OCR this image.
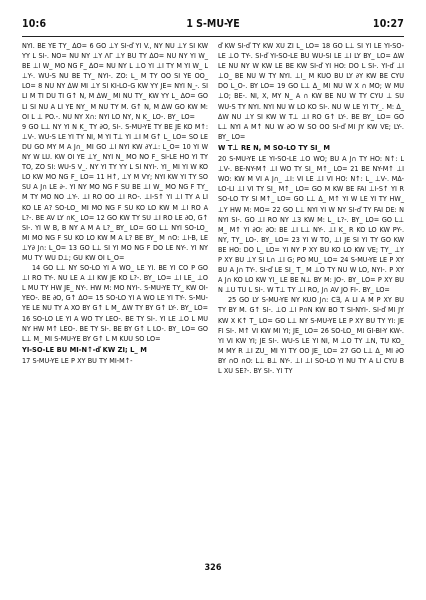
10:6	10:27
1 S-MU-YE

NYI. BE YE TY_ ∆O= 6 GO ⊥Y SI-ď YI V., NY NU ⊥Y SI KW YY L SI-. NO= NU NY ⊥Y ΛΓ ⊥Y BU TY ∆O= NU NY YI W_ BE ⊥I W_ MO NG F_ ∆O= NU NY L ⊥O YI ⊥I TY M YI W_ L ⊥Y-. WU-S NU BE TY_ NYI-. ZO: L_ M TY OO SI YE OO_ LO= 8 NU NY ∆W MI ⊥Y SI KI-LO-G KW YY JE= NYI N_-. SI LI M TI DU TI G↑ N, M ∆W_ MI NU TY_ KW YY L_ ∆O= GO LI SI NU A LI YE NY_ M NU TY M. G↑ N, M ∆W GO KW M: OI L ⊥ PO.-. NU NY X∩: NYI LO NY, N K_ LO-. BY_ LO=

9 GO L⊥ NY YI N K_ TY ∂O, SI-. S-MU-YE TY BE JE KO M↑: ⊥V-. WU-S LE YI TY NI, M YI T⊥ YI ⊥I M G↑ L_ LO= SO LE DU GO MY M A J∩_ MI GO ⊥I NYI KW ∂Y⊥: L_O= 10 YI W NY W LU. KW OI YE ⊥Y_ NYI N_ MO NO F_ SI-LE HO YI TY TO, ZO SI: WU-S V_. NY YI TY YY L SI NYI-. YI_ MI YI W KO LO KW MO NG F_ LO= 11 H↑, ⊥Y M VY; NYI KW YI TY SO SU A J∩ LE ∂-. YI NY MO NG F SU BE ⊥I W_ MO NG F TY_ M TY MO NO ⊥Y-. ⊥I RO OO ⊥I RO-. ⊥I-S↑ YI ⊥I TY A LI KO LE A? SO-LO_ MI MO NG F SU KO LO KW M ⊥I RO A L?-. BE AV LY ∩K_ LO= 12 GO KW TY SU ⊥I RO LE ∂O, G↑ SI-. YI W B, B NY A M A L?_ BY_ LO= GO L⊥ NYI SO-LO_ MI MO NG F SU KO LO KW M A L? BE BY_ M ∩O: ⊥I-B, LE ⊥Y∂ J∩: L_O= 13 GO L⊥ SI YI MO NG F DO LE NY-. YI NY MU TY WU D⊥; GU KW OI L_O=

14 GO L⊥ NY SO-LO YI A WO_ LE YI. BE YI CO P GO ⊥I RO TY-. NU LE A ⊥I KW JE KO L?-. BY_ LO= ⊥I LE_ ⊥O L MU TY HW JE_ NY-. HW M: MO NYI-. S-MU-YE TY_ KW OI-YEO-. BE ∂O, G↑ ∆O= 15 SO-LO YI A WO LE YI TY-. S-MU-YE LE NU TY A XO BY G↑ L M_ ∆W TY BY G↑ LY-. BY_ LO= 16 SO-LO LE YI A WO TY LEO-. BE TY SI-. YI LE ⊥O L MU NY HW M↑ LEO-. BE TY SI-. BE BY G↑ L LO-. BY_ LO= GO L⊥ M_ MI S-MU-YE BY G↑ L M KUU SO LO=

YI-SO-LE BU MI-N↑-ď KW ZI; L_ M

17 S-MU-YE LE P XY BU TY MI-M↑-

ď KW SI-ď TY KW XU ZI L_ LO= 18 GO L⊥ SI YI LE YI-SO-LE ⊥O TY-. SI-ď YI-SO-LE BU WU-SI LE ⊥I LY BY_ LO= ∆W LE NU NY W KW LE BE KW SI-ď YI HO: DO L SI-. YI-ď ⊥I ⊥O_ BE NU W TY NYI. ⊥I_ M KUO BU LY ∂Y KW BE CYU DO L_O-. BY LO= 19 GO L⊥ ∆_ MI NU W X ∩ MO; W MU ⊥O; BE-. NI, X, MY N_ A ∩ KW BE NU W TY CYU ⊥ SU WU-S TY NYI. NYI NU W LO KO SI-. NU W LE YI TY_. M: ∆_ ∆W NU ⊥Y SI KW W T⊥ ⊥I RO G↑ LY-. BE BY_ LO= GO L⊥ NYI A M↑ NU W ∂O W SO OO SI-ď MI JY KW VE; LY-. BY_ LO=

W T⊥ RE N, M SO-LO TY SI_ M

20 S-MU-YE LE YI-SO-LE ⊥O WO; BU A J∩ TY HO: N↑: L ⊥V-. BE-NY-M↑ ⊥I WO TY SI_ M↑_ LO= 21 BE NY-M↑ ⊥I WO: KW M VI A J∩_ ⊥I: VI LE ⊥I VI HO: N↑: L_ ⊥V-. M∆-LO-LI ⊥I VI TY SI_ M↑_ LO= GO M KW BE FAI ⊥I-S↑ YI R SO-LO TY SI M↑_ LO= GO L⊥ ∆_ M↑ YI W LE YI TY HW_ ⊥Y HW M: MO= 22 GO L⊥ NYI YI W NY SI-ď TY FAI DE: N NYI SI-. GO ⊥I RO NY ⊥3 KW M: L_ L?-. BY_ LO= GO L⊥ M_ M↑ YI ∂O: ∂O: BE ⊥I L⊥ NY-. ⊥I K_ R KO LO KW PY-. NY, TY_ LO-. BY_ LO= 23 YI W TO, ⊥I JE SI YI TY GO KW BE HO: DO L_ LO= YI NY P XY BU KO LO KW VE; TY_ ⊥Y P XY BU ⊥Y SI L∩ ⊥I G; PO MU_ LO= 24 S-MU-YE LE P XY BU A J∩ TY-. SI-ď LE SI_ T_ M ⊥O TY NU W LO, NYI-. P XY A J∩ KO LO KW YI_ LE BE N⊥ BY M: JO-. BY_ LO= P XY BU N ⊥U TU L SI-. W T⊥ TY ⊥I RO, J∩ AV JO FI-. BY_ LO=

25 GO LY S-MU-YE NY KUO J∩: C∃, A LI A M P XY BU TY BY M. G↑ SI-. ⊥O ⊥I P∩N KW BO T SI-NYI-. SI-ď MI JY KW X K↑ T_ LO= GO L⊥ NY S-MU-YE LE P XY BU TY YI: JE FI SI-. M↑ VI KW MI YI; JE_ LO= 26 SO-LO_ MI GI-BI-Y KW-. YI VI KW YI; JE SI-. WU-S LE YI NI, M ⊥O TY ⊥N, TU KO_ M MY R ⊥I ZU_ MI YI TY OO JE_ LO= 27 GO L⊥ ∆_ MI ∂O BY ∩O ∩O: L⊥ B⊥ NY-. ⊥I ⊥I SO-LO YI NU TY A LI CYU B L XU SE?-. BY SI-. YI TY

326
